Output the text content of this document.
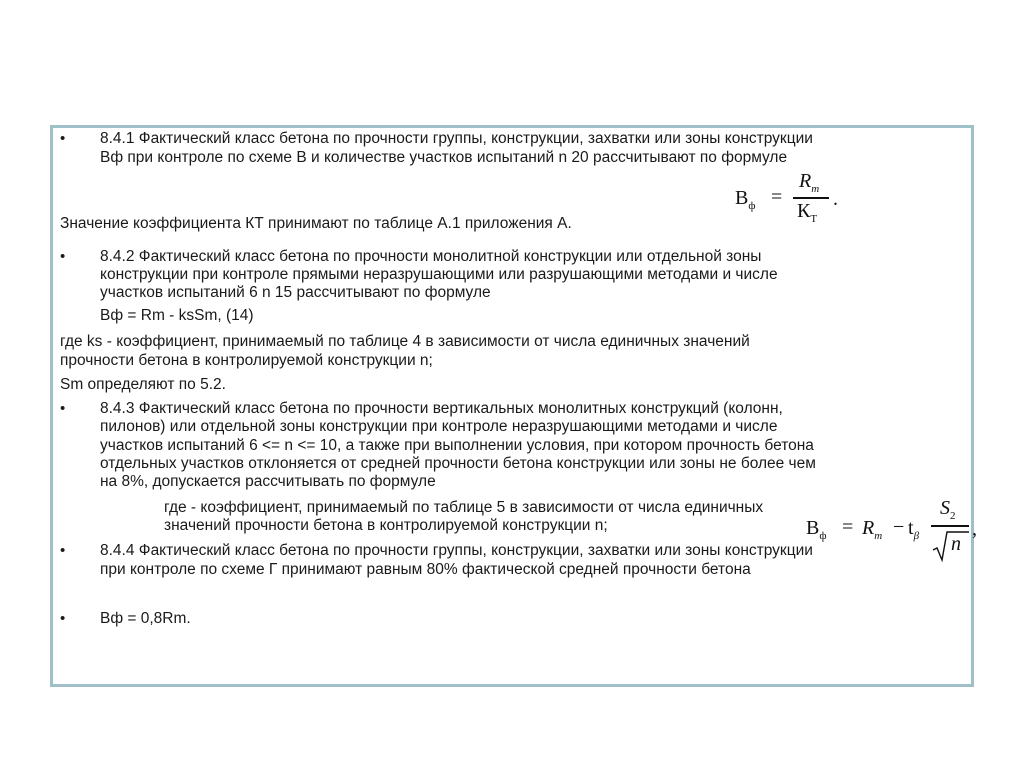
• 8.4.1 Фактический класс бетона по прочности группы, конструкции, захватки или зоны конструкции

Вф при контроле по схеме В и количестве участков испытаний n 20 рассчитывают по формуле

$В_ф$ =
$R_m$
$К_Т$
.

Значение коэффициента КТ принимают по таблице А.1 приложения А.

• 8.4.2 Фактический класс бетона по прочности монолитной конструкции или отдельной зоны

конструкции при контроле прямыми неразрушающими или разрушающими методами и числе

участков испытаний 6 n 15 рассчитывают по формуле

Вф = Rm - ksSm, (14)

где ks - коэффициент, принимаемый по таблице 4 в зависимости от числа единичных значений

прочности бетона в контролируемой конструкции n;

Sm определяют по 5.2.

• 8.4.3 Фактический класс бетона по прочности вертикальных монолитных конструкций (колонн,

пилонов) или отдельной зоны конструкции при контроле неразрушающими методами и числе

участков испытаний 6 <= n <= 10, а также при выполнении условия, при котором прочность бетона

отдельных участков отклоняется от средней прочности бетона конструкции или зоны не более чем

на 8%, допускается рассчитывать по формуле

где - коэффициент, принимаемый по таблице 5 в зависимости от числа единичных

значений прочности бетона в контролируемой конструкции n;

• 8.4.4 Фактический класс бетона по прочности группы, конструкции, захватки или зоны конструкции

при контроле по схеме Г принимают равным 80% фактической средней прочности бетона

$В_ф = R_m - t_\beta$
$S_2$
n
,
• Вф = 0,8Rm.
